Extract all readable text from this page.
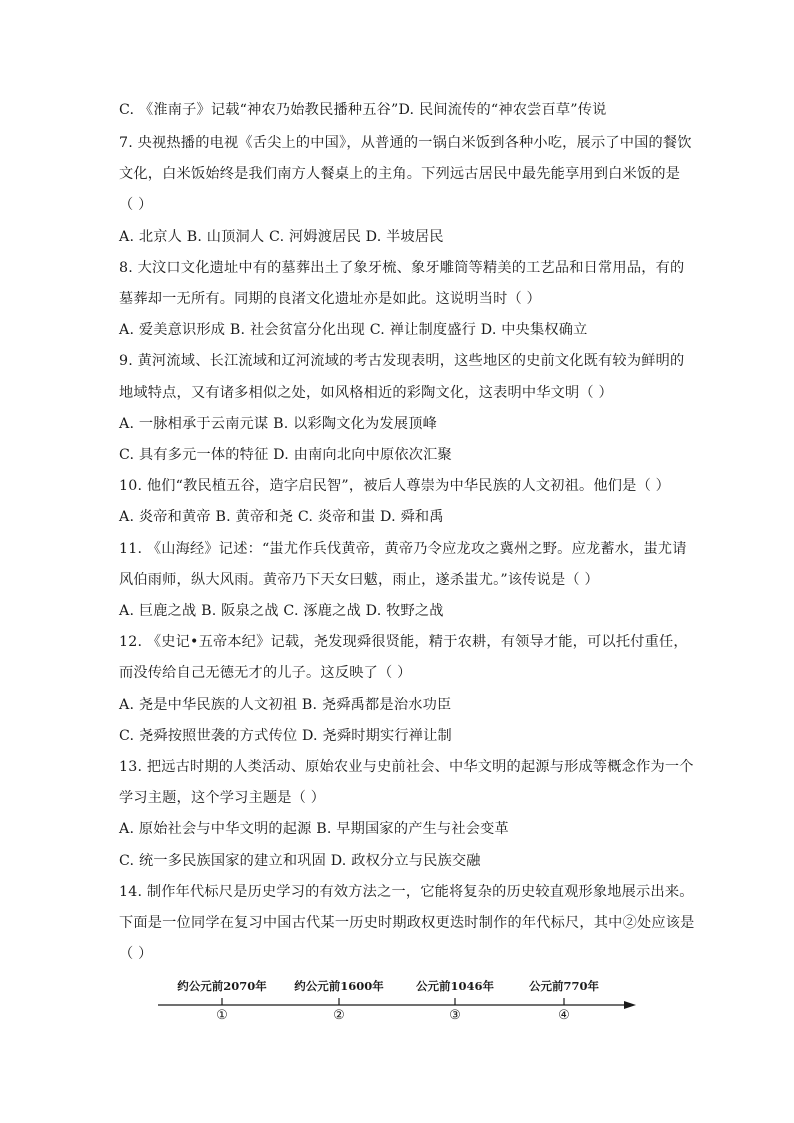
C. 《淮南子》记载“神农乃始教民播种五谷”D. 民间流传的“神农尝百草”传说
7. 央视热播的电视《舌尖上的中国》，从普通的一锅白米饭到各种小吃，展示了中国的餐饮
文化，白米饭始终是我们南方人餐桌上的主角。下列远古居民中最先能享用到白米饭的是
（ ）
A. 北京人 B. 山顶洞人 C. 河姆渡居民 D. 半坡居民
8. 大汶口文化遗址中有的墓葬出土了象牙梳、象牙雕筒等精美的工艺品和日常用品，有的
墓葬却一无所有。同期的良渚文化遗址亦是如此。这说明当时（ ）
A. 爱美意识形成 B. 社会贫富分化出现 C. 禅让制度盛行 D. 中央集权确立
9. 黄河流域、长江流域和辽河流域的考古发现表明，这些地区的史前文化既有较为鲜明的
地域特点，又有诸多相似之处，如风格相近的彩陶文化，这表明中华文明（ ）
A. 一脉相承于云南元谋 B. 以彩陶文化为发展顶峰
C. 具有多元一体的特征 D. 由南向北向中原依次汇聚
10. 他们“教民植五谷，造字启民智”，被后人尊崇为中华民族的人文初祖。他们是（ ）
A. 炎帝和黄帝 B. 黄帝和尧 C. 炎帝和蚩 D. 舜和禹
11. 《山海经》记述：“蚩尤作兵伐黄帝，黄帝乃令应龙攻之冀州之野。应龙蓄水，蚩尤请
风伯雨师，纵大风雨。黄帝乃下天女曰魃，雨止，遂杀蚩尤。”该传说是（ ）
A. 巨鹿之战 B. 阪泉之战 C. 涿鹿之战 D. 牧野之战
12. 《史记•五帝本纪》记载，尧发现舜很贤能，精于农耕，有领导才能，可以托付重任，
而没传给自己无德无才的儿子。这反映了（ ）
A. 尧是中华民族的人文初祖 B. 尧舜禹都是治水功臣
C. 尧舜按照世袭的方式传位 D. 尧舜时期实行禅让制
13. 把远古时期的人类活动、原始农业与史前社会、中华文明的起源与形成等概念作为一个
学习主题，这个学习主题是（ ）
A. 原始社会与中华文明的起源 B. 早期国家的产生与社会变革
C. 统一多民族国家的建立和巩固 D. 政权分立与民族交融
14. 制作年代标尺是历史学习的有效方法之一，它能将复杂的历史较直观形象地展示出来。
下面是一位同学在复习中国古代某一历史时期政权更迭时制作的年代标尺，其中②处应该是
（ ）
约公元前2070年 约公元前1600年	公元前1046年	公元前770年
①	②	③	④
